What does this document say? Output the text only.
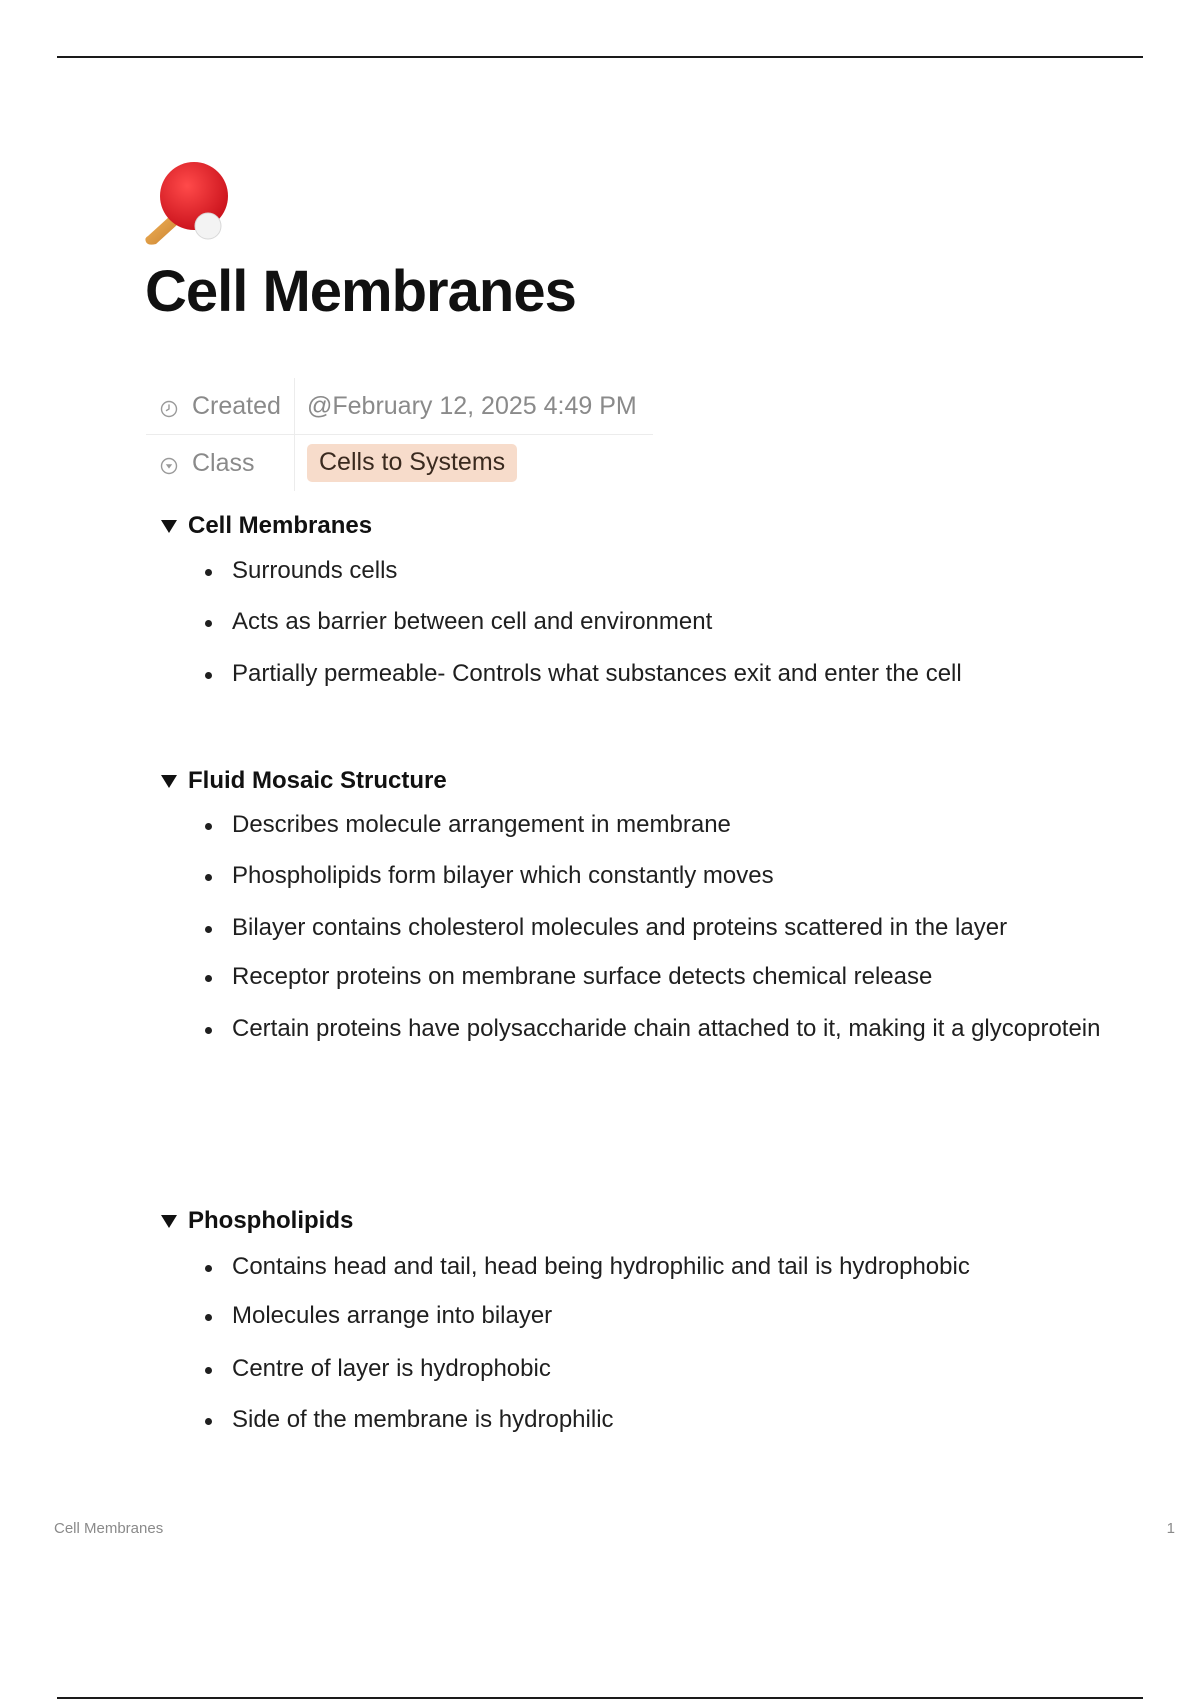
Cell Membranes
Created	@February 12, 2025 4:49 PM

Class	Cells to Systems
Cell Membranes
Surrounds cells
Acts as barrier between cell and environment
Partially permeable- Controls what substances exit and enter the cell
Fluid Mosaic Structure
Describes molecule arrangement in membrane
Phospholipids form bilayer which constantly moves
Bilayer contains cholesterol molecules and proteins scattered in the layer
Receptor proteins on membrane surface detects chemical release
Certain proteins have polysaccharide chain attached to it, making it a glycoprotein
Phospholipids
Contains head and tail, head being hydrophilic and tail is hydrophobic
Molecules arrange into bilayer
Centre of layer is hydrophobic
Side of the membrane is hydrophilic
Cell Membranes	1
